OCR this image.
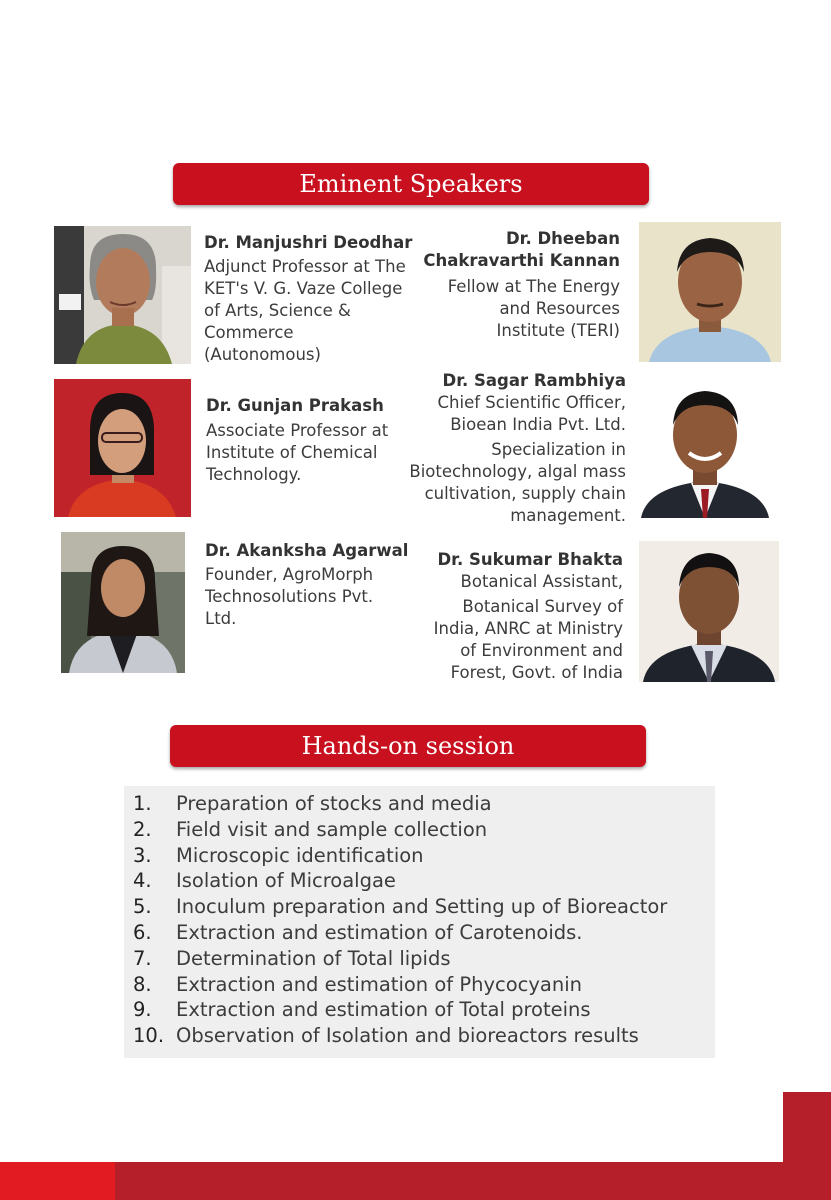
Eminent Speakers
Dr. Manjushri Deodhar
Adjunct Professor at The
KET's V. G. Vaze College
of Arts, Science &
Commerce
(Autonomous)
Dr. Dheeban
Chakravarthi Kannan
Fellow at The Energy
and Resources
Institute (TERI)
Dr. Gunjan Prakash
Associate Professor at
Institute of Chemical
Technology.
Dr. Sagar Rambhiya
Chief Scientific Officer,
Bioean India Pvt. Ltd.
Specialization in
Biotechnology, algal mass
cultivation, supply chain
management.
Dr. Akanksha Agarwal
Founder, AgroMorph
Technosolutions Pvt.
Ltd.
Dr. Sukumar Bhakta
Botanical Assistant,
Botanical Survey of
India, ANRC at Ministry
of Environment and
Forest, Govt. of India
Hands-on session
1. Preparation of stocks and media
2. Field visit and sample collection
3. Microscopic identification
4. Isolation of Microalgae
5. Inoculum preparation and Setting up of Bioreactor
6. Extraction and estimation of Carotenoids.
7. Determination of Total lipids
8. Extraction and estimation of Phycocyanin
9. Extraction and estimation of Total proteins
10. Observation of Isolation and bioreactors results
